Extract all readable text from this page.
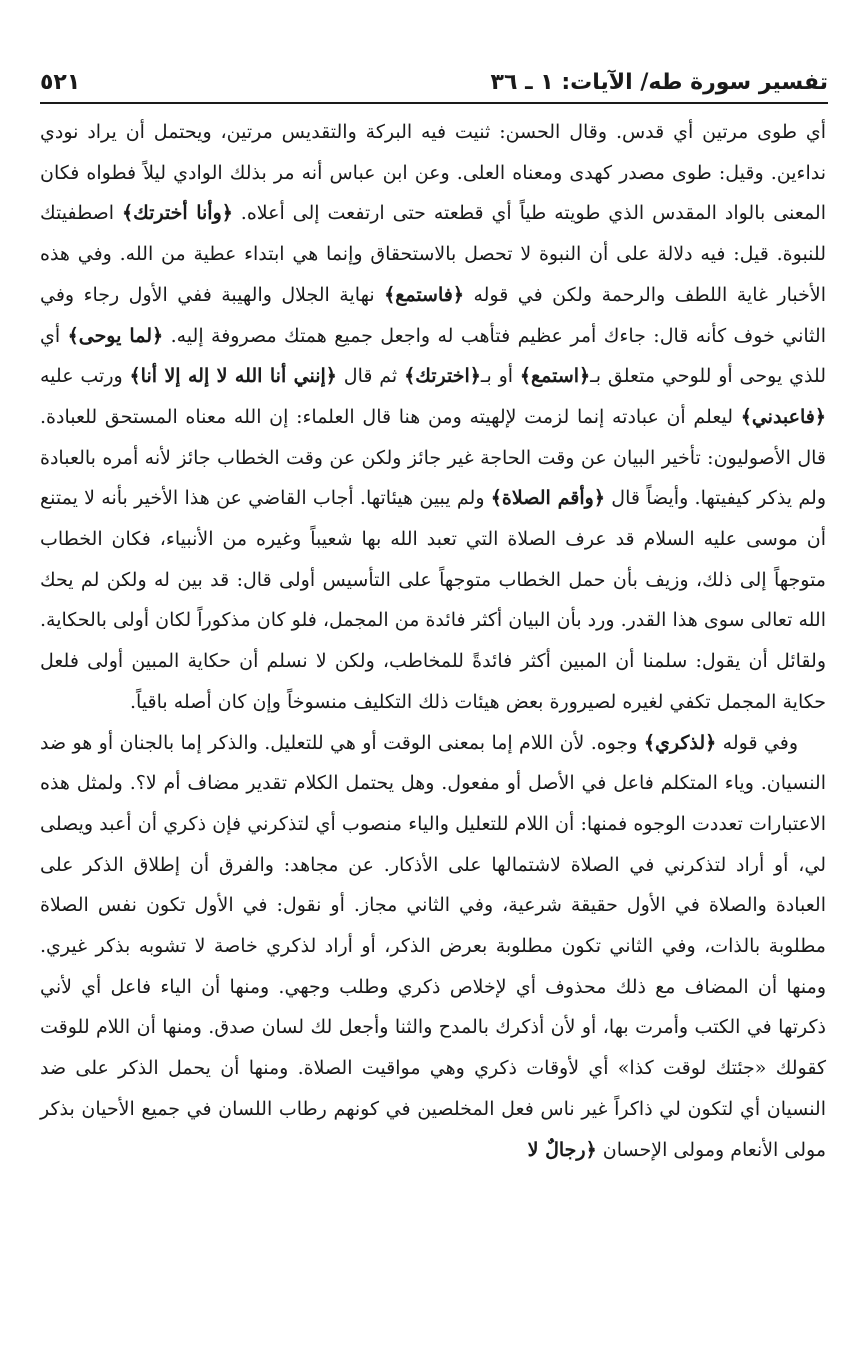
تفسير سورة طه/ الآيات: ١ ـ ٣٦
٥٢١

أي طوى مرتين أي قدس. وقال الحسن: ثنيت فيه البركة والتقديس مرتين، ويحتمل أن يراد نودي نداءين. وقيل: طوى مصدر كهدى ومعناه العلى. وعن ابن عباس أنه مر بذلك الوادي ليلاً فطواه فكان المعنى بالواد المقدس الذي طويته طياً أي قطعته حتى ارتفعت إلى أعلاه. ﴿وأنا أخترتك﴾ اصطفيتك للنبوة. قيل: فيه دلالة على أن النبوة لا تحصل بالاستحقاق وإنما هي ابتداء عطية من الله. وفي هذه الأخبار غاية اللطف والرحمة ولكن في قوله ﴿فاستمع﴾ نهاية الجلال والهيبة ففي الأول رجاء وفي الثاني خوف كأنه قال: جاءك أمر عظيم فتأهب له واجعل جميع همتك مصروفة إليه. ﴿لما يوحى﴾ أي للذي يوحى أو للوحي متعلق بـ﴿استمع﴾ أو بـ﴿اخترتك﴾ ثم قال ﴿إنني أنا الله لا إله إلا أنا﴾ ورتب عليه ﴿فاعبدني﴾ ليعلم أن عبادته إنما لزمت لإلهيته ومن هنا قال العلماء: إن الله معناه المستحق للعبادة. قال الأصوليون: تأخير البيان عن وقت الحاجة غير جائز ولكن عن وقت الخطاب جائز لأنه أمره بالعبادة ولم يذكر كيفيتها. وأيضاً قال ﴿وأقم الصلاة﴾ ولم يبين هيئاتها. أجاب القاضي عن هذا الأخير بأنه لا يمتنع أن موسى عليه السلام قد عرف الصلاة التي تعبد الله بها شعيباً وغيره من الأنبياء، فكان الخطاب متوجهاً إلى ذلك، وزيف بأن حمل الخطاب متوجهاً على التأسيس أولى قال: قد بين له ولكن لم يحك الله تعالى سوى هذا القدر. ورد بأن البيان أكثر فائدة من المجمل، فلو كان مذكوراً لكان أولى بالحكاية. ولقائل أن يقول: سلمنا أن المبين أكثر فائدةً للمخاطب، ولكن لا نسلم أن حكاية المبين أولى فلعل حكاية المجمل تكفي لغيره لصيرورة بعض هيئات ذلك التكليف منسوخاً وإن كان أصله باقياً.

وفي قوله ﴿لذكري﴾ وجوه. لأن اللام إما بمعنى الوقت أو هي للتعليل. والذكر إما بالجنان أو هو ضد النسيان. وياء المتكلم فاعل في الأصل أو مفعول. وهل يحتمل الكلام تقدير مضاف أم لا؟. ولمثل هذه الاعتبارات تعددت الوجوه فمنها: أن اللام للتعليل والياء منصوب أي لتذكرني فإن ذكري أن أعبد ويصلى لي، أو أراد لتذكرني في الصلاة لاشتمالها على الأذكار. عن مجاهد: والفرق أن إطلاق الذكر على العبادة والصلاة في الأول حقيقة شرعية، وفي الثاني مجاز. أو نقول: في الأول تكون نفس الصلاة مطلوبة بالذات، وفي الثاني تكون مطلوبة بعرض الذكر، أو أراد لذكري خاصة لا تشوبه بذكر غيري. ومنها أن المضاف مع ذلك محذوف أي لإخلاص ذكري وطلب وجهي. ومنها أن الياء فاعل أي لأني ذكرتها في الكتب وأمرت بها، أو لأن أذكرك بالمدح والثنا وأجعل لك لسان صدق. ومنها أن اللام للوقت كقولك «جئتك لوقت كذا» أي لأوقات ذكري وهي مواقيت الصلاة. ومنها أن يحمل الذكر على ضد النسيان أي لتكون لي ذاكراً غير ناس فعل المخلصين في كونهم رطاب اللسان في جميع الأحيان بذكر مولى الأنعام ومولى الإحسان ﴿رجالٌ لا
